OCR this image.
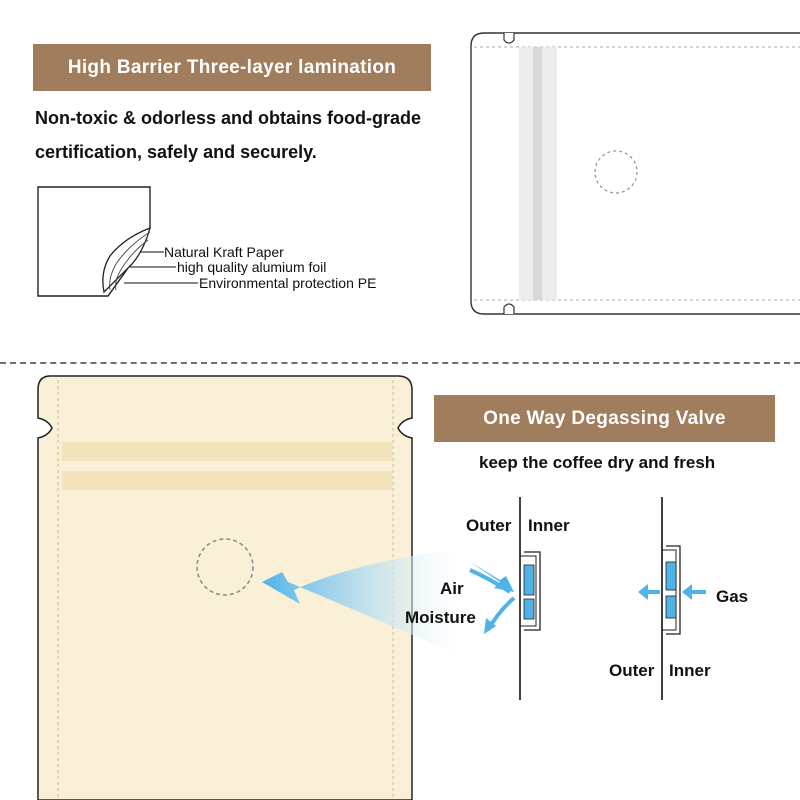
High Barrier Three-layer lamination
Non-toxic & odorless and obtains food-grade
certification, safely and securely.
Natural Kraft Paper
high quality alumium foil
Environmental protection PE
One Way Degassing Valve
keep the coffee dry and fresh
Outer Inner
Air
Moisture
Gas
Outer Inner
